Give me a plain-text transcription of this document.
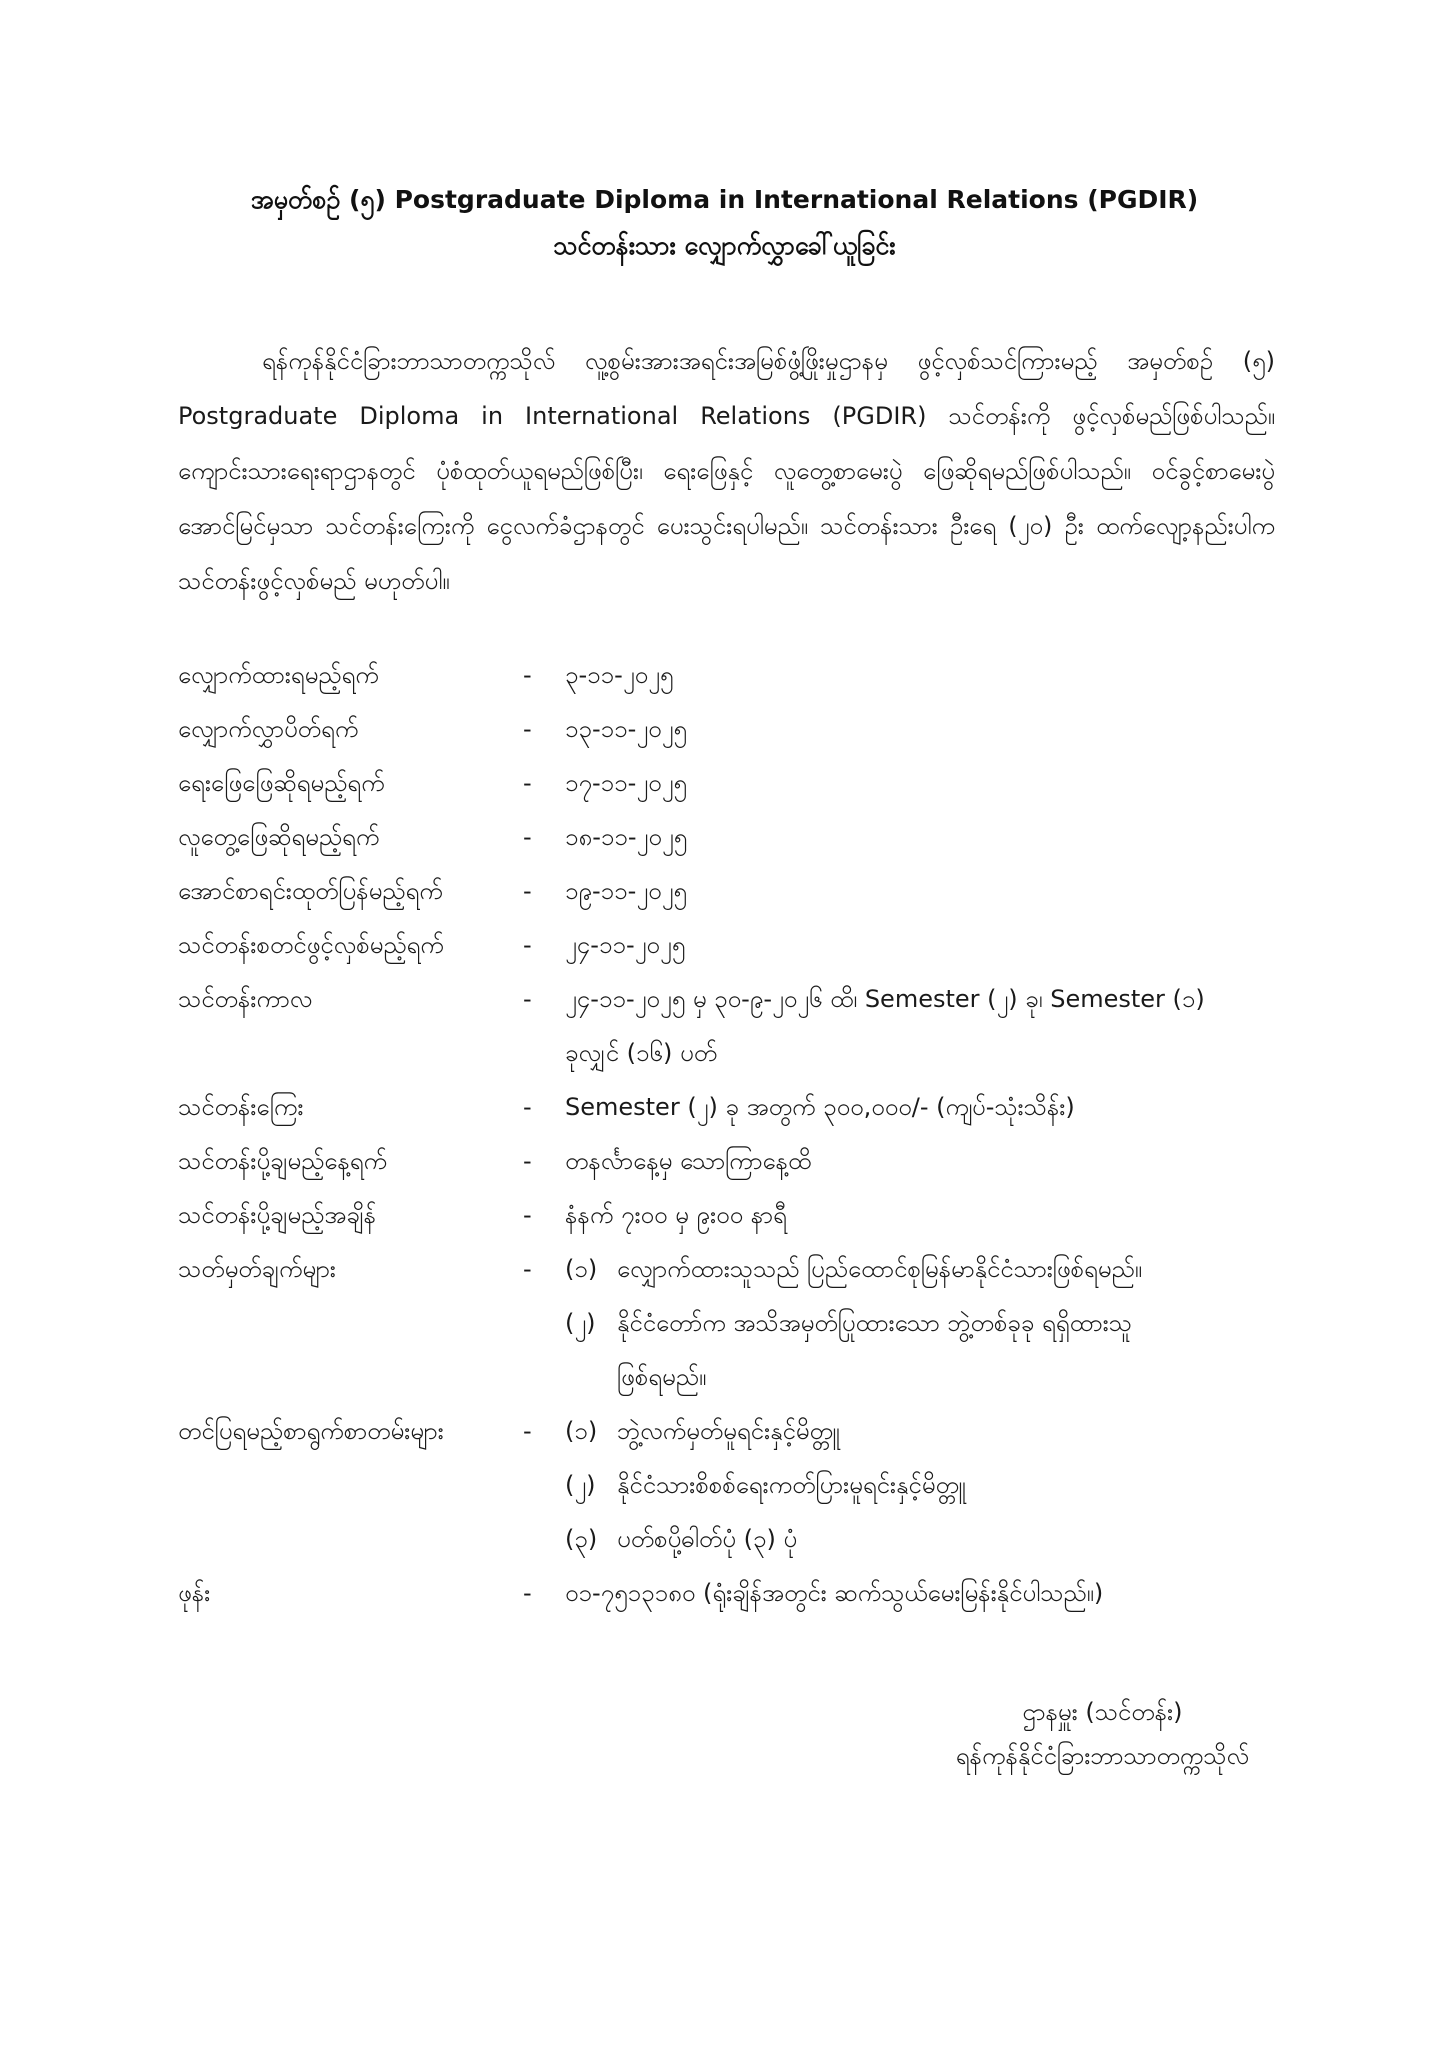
အမှတ်စဉ် (၅) Postgraduate Diploma in International Relations (PGDIR)
သင်တန်းသား လျှောက်လွှာခေါ်ယူခြင်း

ရန်ကုန်နိုင်ငံခြားဘာသာတက္ကသိုလ် လူ့စွမ်းအားအရင်းအမြစ်ဖွံ့ဖြိုးမှုဌာနမှ ဖွင့်လှစ်သင်ကြားမည့် အမှတ်စဉ် (၅) Postgraduate Diploma in International Relations (PGDIR) သင်တန်းကို ဖွင့်လှစ်မည်ဖြစ်ပါသည်။ ကျောင်းသားရေးရာဌာနတွင် ပုံစံထုတ်ယူရမည်ဖြစ်ပြီး၊ ရေးဖြေနှင့် လူတွေ့စာမေးပွဲ ဖြေဆိုရမည်ဖြစ်ပါသည်။ ဝင်ခွင့်စာမေးပွဲအောင်မြင်မှသာ သင်တန်းကြေးကို ငွေလက်ခံဌာနတွင် ပေးသွင်းရပါမည်။ သင်တန်းသား ဦးရေ (၂၀) ဦး ထက်လျော့နည်းပါက သင်တန်းဖွင့်လှစ်မည် မဟုတ်ပါ။

လျှောက်ထားရမည့်ရက်	-	၃-၁၁-၂၀၂၅
လျှောက်လွှာပိတ်ရက်	-	၁၃-၁၁-၂၀၂၅
ရေးဖြေဖြေဆိုရမည့်ရက်	-	၁၇-၁၁-၂၀၂၅
လူတွေ့ဖြေဆိုရမည့်ရက်	-	၁၈-၁၁-၂၀၂၅
အောင်စာရင်းထုတ်ပြန်မည့်ရက်	-	၁၉-၁၁-၂၀၂၅
သင်တန်းစတင်ဖွင့်လှစ်မည့်ရက်	-	၂၄-၁၁-၂၀၂၅
သင်တန်းကာလ	-	၂၄-၁၁-၂၀၂၅ မှ ၃၀-၉-၂၀၂၆ ထိ၊ Semester (၂) ခု၊ Semester (၁)
ခုလျှင် (၁၆) ပတ်
သင်တန်းကြေး	-	Semester (၂) ခု အတွက် ၃၀၀,၀၀၀/- (ကျပ်-သုံးသိန်း)
သင်တန်းပို့ချမည့်နေ့ရက်	-	တနင်္လာနေ့မှ သောကြာနေ့ထိ
သင်တန်းပို့ချမည့်အချိန်	-	နံနက် ၇း၀၀ မှ ၉း၀၀ နာရီ
သတ်မှတ်ချက်များ	-	(၁) လျှောက်ထားသူသည် ပြည်ထောင်စုမြန်မာနိုင်ငံသားဖြစ်ရမည်။
(၂) နိုင်ငံတော်က အသိအမှတ်ပြုထားသော ဘွဲ့တစ်ခုခု ရရှိထားသူ
ဖြစ်ရမည်။
တင်ပြရမည့်စာရွက်စာတမ်းများ	-	(၁) ဘွဲ့လက်မှတ်မူရင်းနှင့်မိတ္တူ
(၂) နိုင်ငံသားစိစစ်ရေးကတ်ပြားမူရင်းနှင့်မိတ္တူ
(၃) ပတ်စပို့ဓါတ်ပုံ (၃) ပုံ
ဖုန်း	-	၀၁-၇၅၁၃၁၈၀ (ရုံးချိန်အတွင်း ဆက်သွယ်မေးမြန်းနိုင်ပါသည်။)
ဌာနမှူး (သင်တန်း)
ရန်ကုန်နိုင်ငံခြားဘာသာတက္ကသိုလ်
